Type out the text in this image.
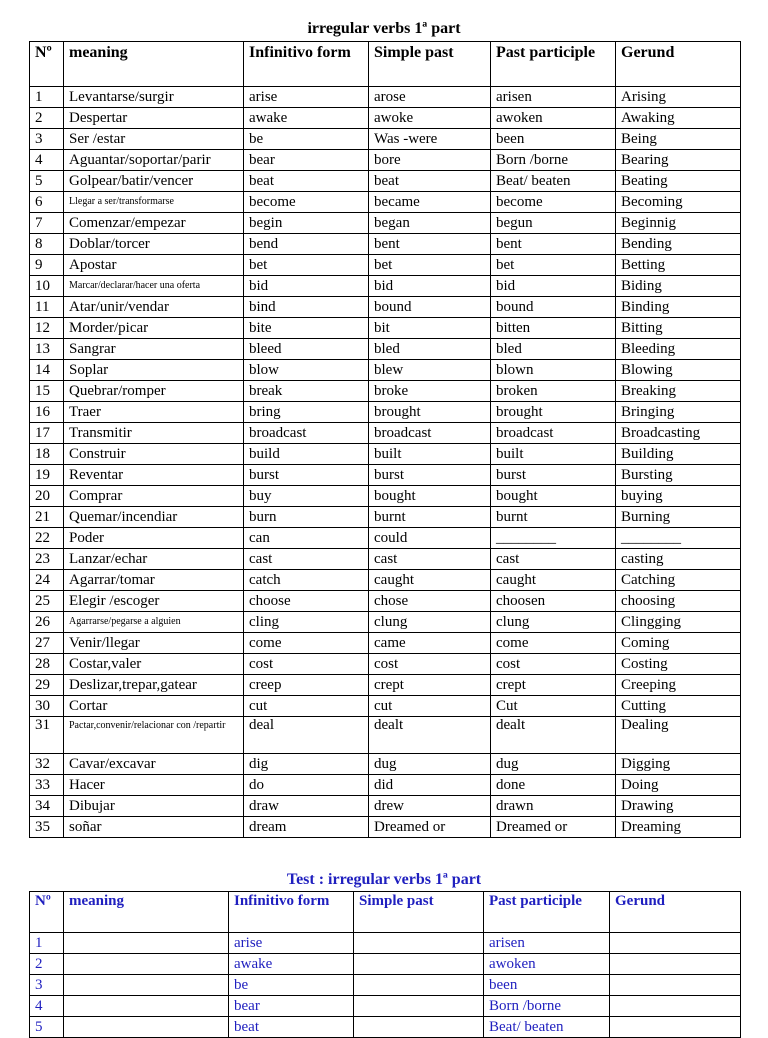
irregular verbs 1ª part
Nº	meaning	Infinitivo form	Simple past	Past participle	Gerund
1	Levantarse/surgir	arise	arose	arisen	Arising
2	Despertar	awake	awoke	awoken	Awaking
3	Ser /estar	be	Was -were	been	Being
4	Aguantar/soportar/parir	bear	bore	Born /borne	Bearing
5	Golpear/batir/vencer	beat	beat	Beat/ beaten	Beating
6	Llegar a ser/transformarse	become	became	become	Becoming
7	Comenzar/empezar	begin	began	begun	Beginnig
8	Doblar/torcer	bend	bent	bent	Bending
9	Apostar	bet	bet	bet	Betting
10	Marcar/declarar/hacer una oferta	bid	bid	bid	Biding
11	Atar/unir/vendar	bind	bound	bound	Binding
12	Morder/picar	bite	bit	bitten	Bitting
13	Sangrar	bleed	bled	bled	Bleeding
14	Soplar	blow	blew	blown	Blowing
15	Quebrar/romper	break	broke	broken	Breaking
16	Traer	bring	brought	brought	Bringing
17	Transmitir	broadcast	broadcast	broadcast	Broadcasting
18	Construir	build	built	built	Building
19	Reventar	burst	burst	burst	Bursting
20	Comprar	buy	bought	bought	buying
21	Quemar/incendiar	burn	burnt	burnt	Burning
22	Poder	can	could	________	________
23	Lanzar/echar	cast	cast	cast	casting
24	Agarrar/tomar	catch	caught	caught	Catching
25	Elegir /escoger	choose	chose	choosen	choosing
26	Agarrarse/pegarse a alguien	cling	clung	clung	Clingging
27	Venir/llegar	come	came	come	Coming
28	Costar,valer	cost	cost	cost	Costing
29	Deslizar,trepar,gatear	creep	crept	crept	Creeping
30	Cortar	cut	cut	Cut	Cutting
31	Pactar,convenir/relacionar con /repartir	deal	dealt	dealt	Dealing
32	Cavar/excavar	dig	dug	dug	Digging
33	Hacer	do	did	done	Doing
34	Dibujar	draw	drew	drawn	Drawing
35	soñar	dream	Dreamed or	Dreamed or	Dreaming
Test : irregular verbs 1ª part
Nº	meaning	Infinitivo form	Simple past	Past participle	Gerund
1		arise		arisen	
2		awake		awoken	
3		be		been	
4		bear		Born /borne	
5		beat		Beat/ beaten	
